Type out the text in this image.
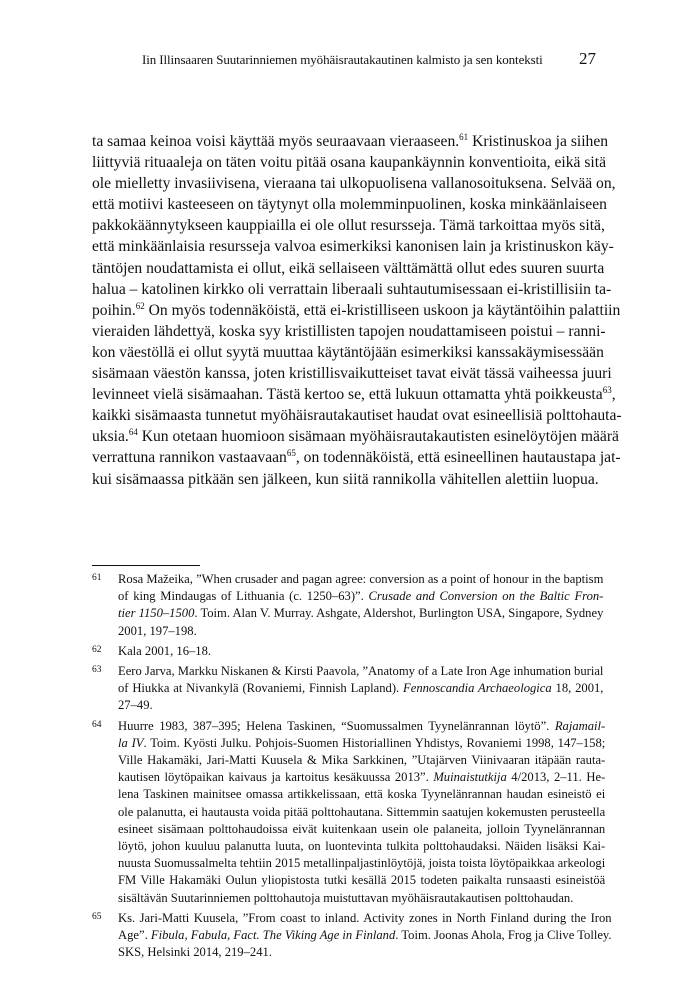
Iin Illinsaaren Suutarinniemen myöhäisrautakautinen kalmisto ja sen konteksti 27
ta samaa keinoa voisi käyttää myös seuraavaan vieraaseen.$^{61}$ Kristinuskoa ja siihen
liittyviä rituaaleja on täten voitu pitää osana kaupankäynnin konventioita, eikä sitä
ole mielletty invasiivisena, vieraana tai ulkopuolisena vallanosoituksena. Selvää on,
että motiivi kasteeseen on täytynyt olla molemminpuolinen, koska minkäänlaiseen
pakkokäännytykseen kauppiailla ei ole ollut resursseja. Tämä tarkoittaa myös sitä,
että minkäänlaisia resursseja valvoa esimerkiksi kanonisen lain ja kristinuskon käy-
täntöjen noudattamista ei ollut, eikä sellaiseen välttämättä ollut edes suuren suurta
halua – katolinen kirkko oli verrattain liberaali suhtautumisessaan ei-kristillisiin ta-
poihin.$^{62}$ On myös todennäköistä, että ei-kristilliseen uskoon ja käytäntöihin palattiin
vieraiden lähdettyä, koska syy kristillisten tapojen noudattamiseen poistui – ranni-
kon väestöllä ei ollut syytä muuttaa käytäntöjään esimerkiksi kanssakäymisessään
sisämaan väestön kanssa, joten kristillisvaikutteiset tavat eivät tässä vaiheessa juuri
levinneet vielä sisämaahan. Tästä kertoo se, että lukuun ottamatta yhtä poikkeusta$^{63}$,
kaikki sisämaasta tunnetut myöhäisrautakautiset haudat ovat esineellisiä polttohauta-
uksia.$^{64}$ Kun otetaan huomioon sisämaan myöhäisrautakautisten esinelöytöjen määrä
verrattuna rannikon vastaavaan$^{65}$, on todennäköistä, että esineellinen hautaustapa jat-
kui sisämaassa pitkään sen jälkeen, kun siitä rannikolla vähitellen alettiin luopua.
61	Rosa Mažeika, ”When crusader and pagan agree: conversion as a point of honour in the baptism
of king Mindaugas of Lithuania (c. 1250–63)”. Crusade and Conversion on the Baltic Fron-
tier 1150–1500. Toim. Alan V. Murray. Ashgate, Aldershot, Burlington USA, Singapore, Sydney
2001, 197–198.
62	Kala 2001, 16–18.
63	Eero Jarva, Markku Niskanen & Kirsti Paavola, ”Anatomy of a Late Iron Age inhumation burial
of Hiukka at Nivankylä (Rovaniemi, Finnish Lapland). Fennoscandia Archaeologica 18, 2001,
27–49.
64	Huurre 1983, 387–395; Helena Taskinen, “Suomussalmen Tyynelänrannan löytö”. Rajamail-
la IV. Toim. Kyösti Julku. Pohjois-Suomen Historiallinen Yhdistys, Rovaniemi 1998, 147–158;
Ville Hakamäki, Jari-Matti Kuusela & Mika Sarkkinen, ”Utajärven Viinivaaran itäpään rauta-
kautisen löytöpaikan kaivaus ja kartoitus kesäkuussa 2013”. Muinaistutkija 4/2013, 2–11. He-
lena Taskinen mainitsee omassa artikkelissaan, että koska Tyynelänrannan haudan esineistö ei
ole palanutta, ei hautausta voida pitää polttohautana. Sittemmin saatujen kokemusten perusteella
esineet sisämaan polttohaudoissa eivät kuitenkaan usein ole palaneita, jolloin Tyynelänrannan
löytö, johon kuuluu palanutta luuta, on luontevinta tulkita polttohaudaksi. Näiden lisäksi Kai-
nuusta Suomussalmelta tehtiin 2015 metallinpaljastinlöytöjä, joista toista löytöpaikkaa arkeologi
FM Ville Hakamäki Oulun yliopistosta tutki kesällä 2015 todeten paikalta runsaasti esineistöä
sisältävän Suutarinniemen polttohautoja muistuttavan myöhäisrautakautisen polttohaudan.
65	Ks. Jari-Matti Kuusela, ”From coast to inland. Activity zones in North Finland during the Iron
Age”. Fibula, Fabula, Fact. The Viking Age in Finland. Toim. Joonas Ahola, Frog ja Clive Tolley.
SKS, Helsinki 2014, 219–241.
